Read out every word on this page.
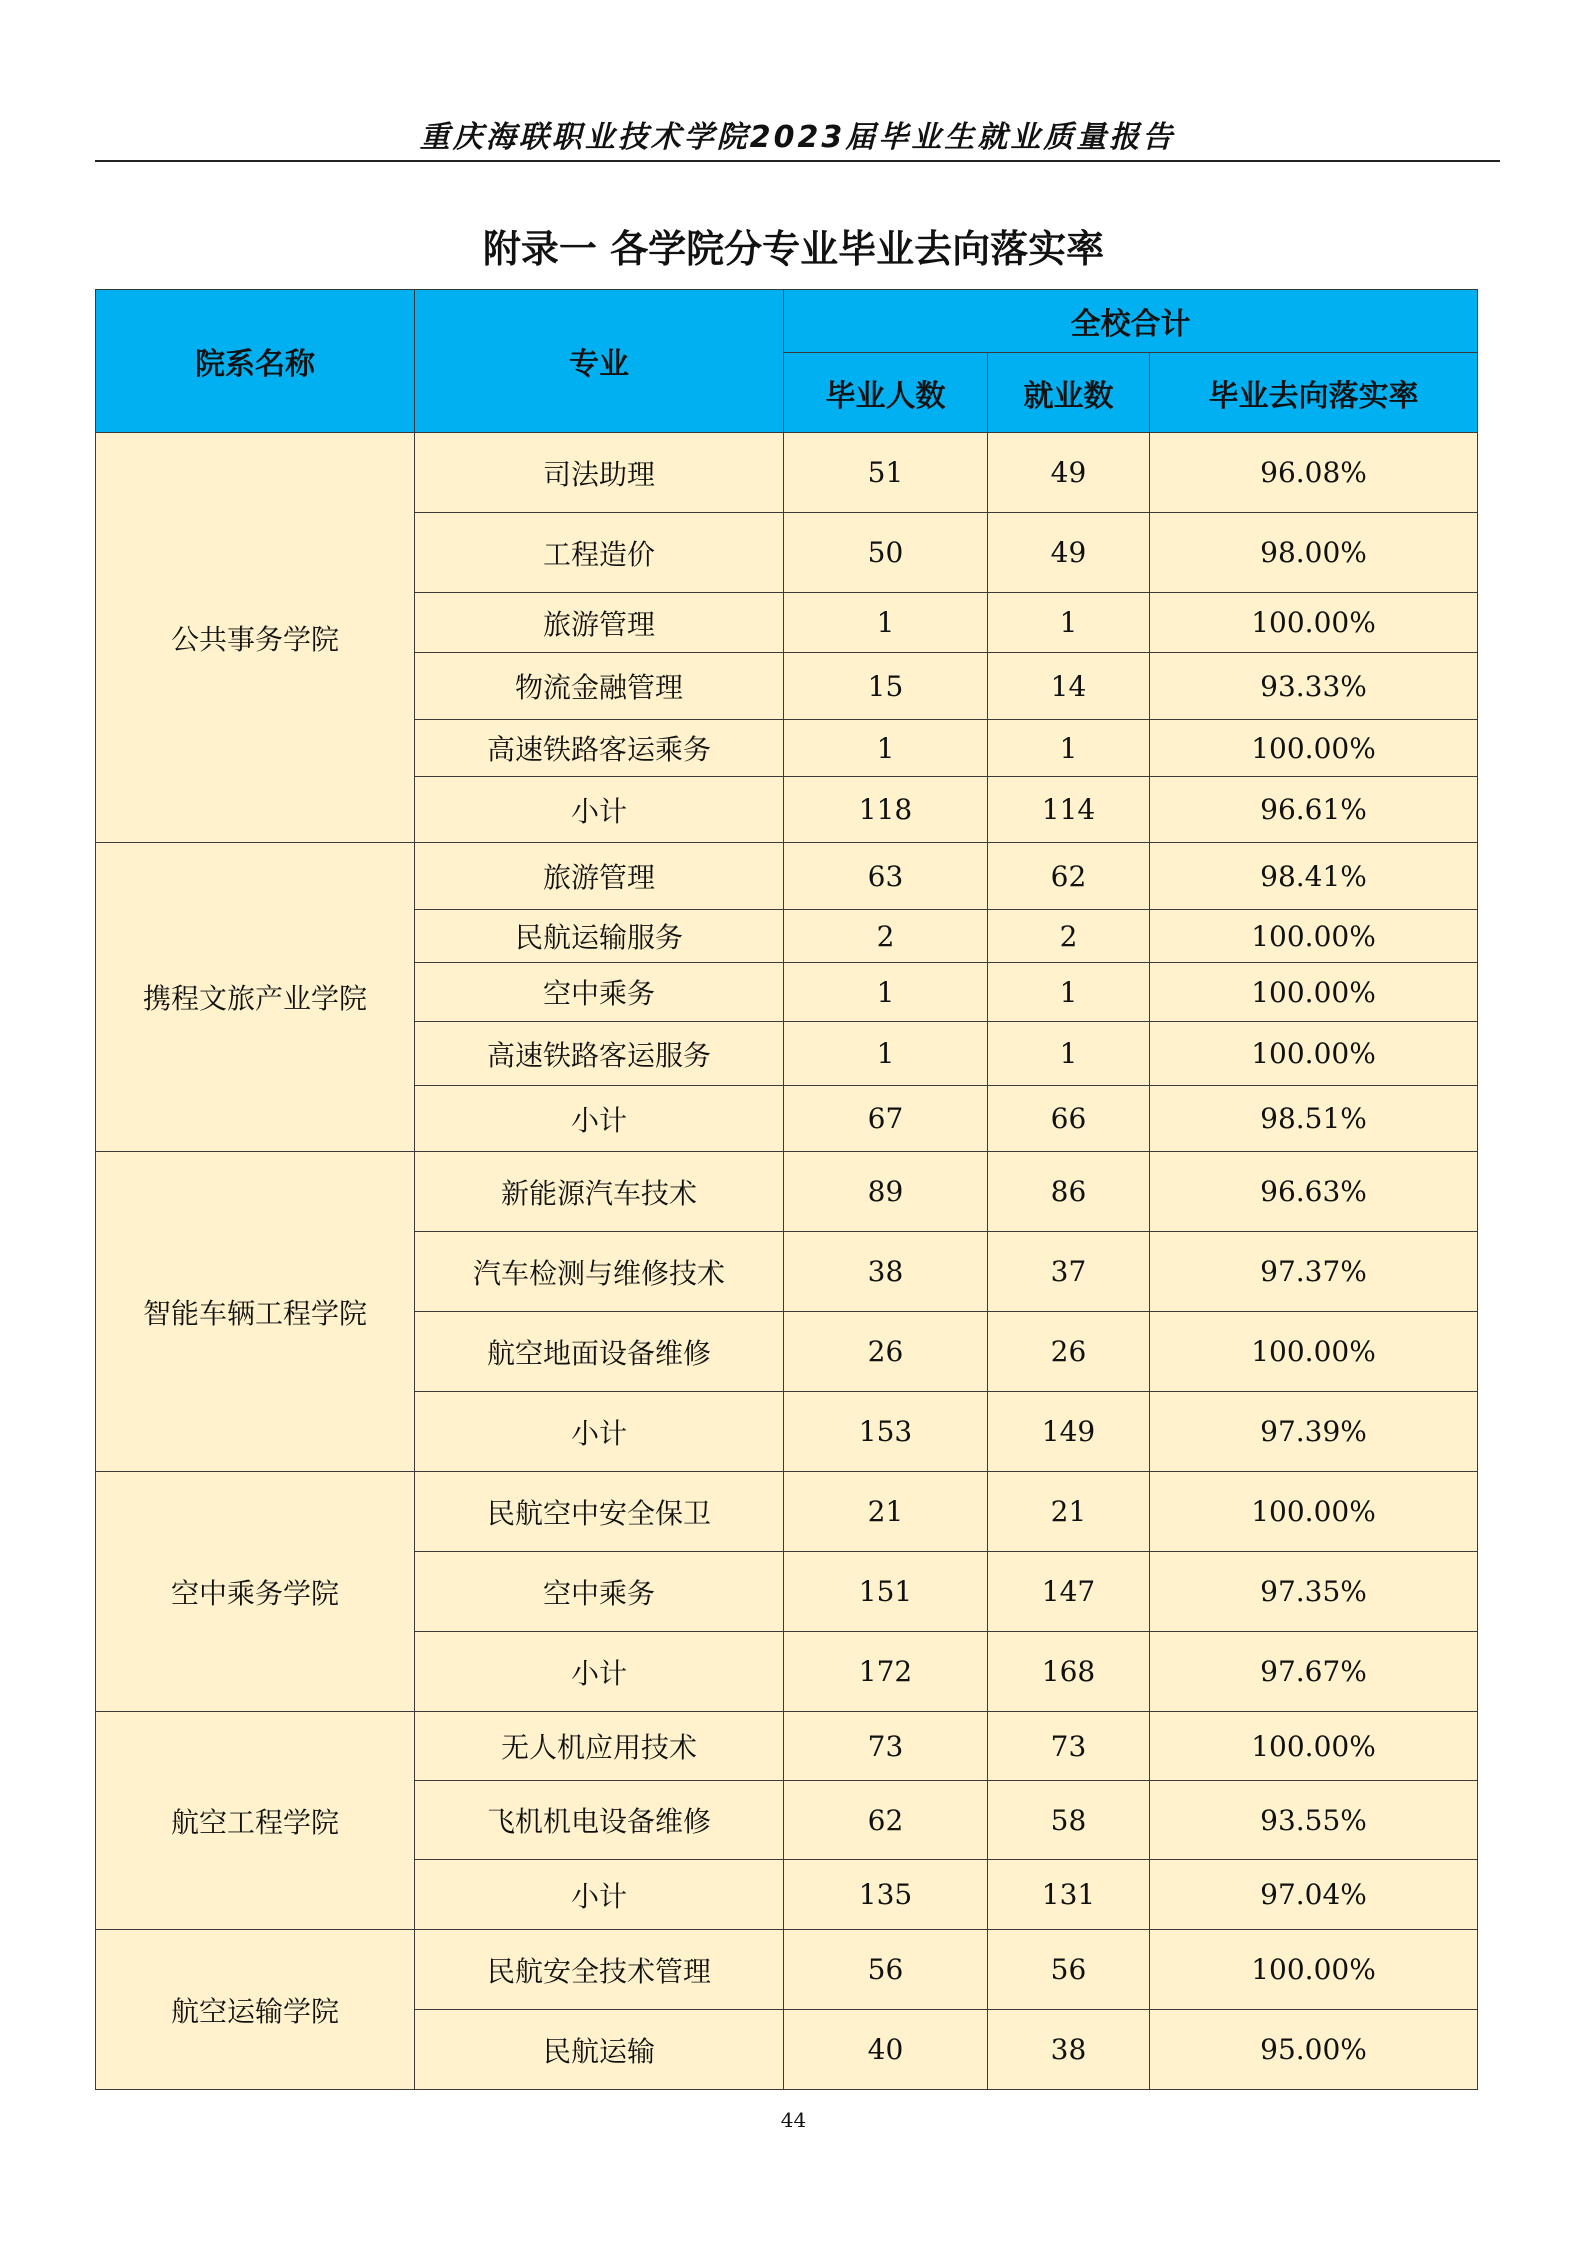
重庆海联职业技术学院2023届毕业生就业质量报告
附录一 各学院分专业毕业去向落实率
院系名称	专业	全校合计		
		毕业人数	就业数	毕业去向落实率
公共事务学院	司法助理	51	49	96.08%
	工程造价	50	49	98.00%
	旅游管理	1	1	100.00%
	物流金融管理	15	14	93.33%
	高速铁路客运乘务	1	1	100.00%
	小计	118	114	96.61%
携程文旅产业学院	旅游管理	63	62	98.41%
	民航运输服务	2	2	100.00%
	空中乘务	1	1	100.00%
	高速铁路客运服务	1	1	100.00%
	小计	67	66	98.51%
智能车辆工程学院	新能源汽车技术	89	86	96.63%
	汽车检测与维修技术	38	37	97.37%
	航空地面设备维修	26	26	100.00%
	小计	153	149	97.39%
空中乘务学院	民航空中安全保卫	21	21	100.00%
	空中乘务	151	147	97.35%
	小计	172	168	97.67%
航空工程学院	无人机应用技术	73	73	100.00%
	飞机机电设备维修	62	58	93.55%
	小计	135	131	97.04%
航空运输学院	民航安全技术管理	56	56	100.00%
	民航运输	40	38	95.00%
44
